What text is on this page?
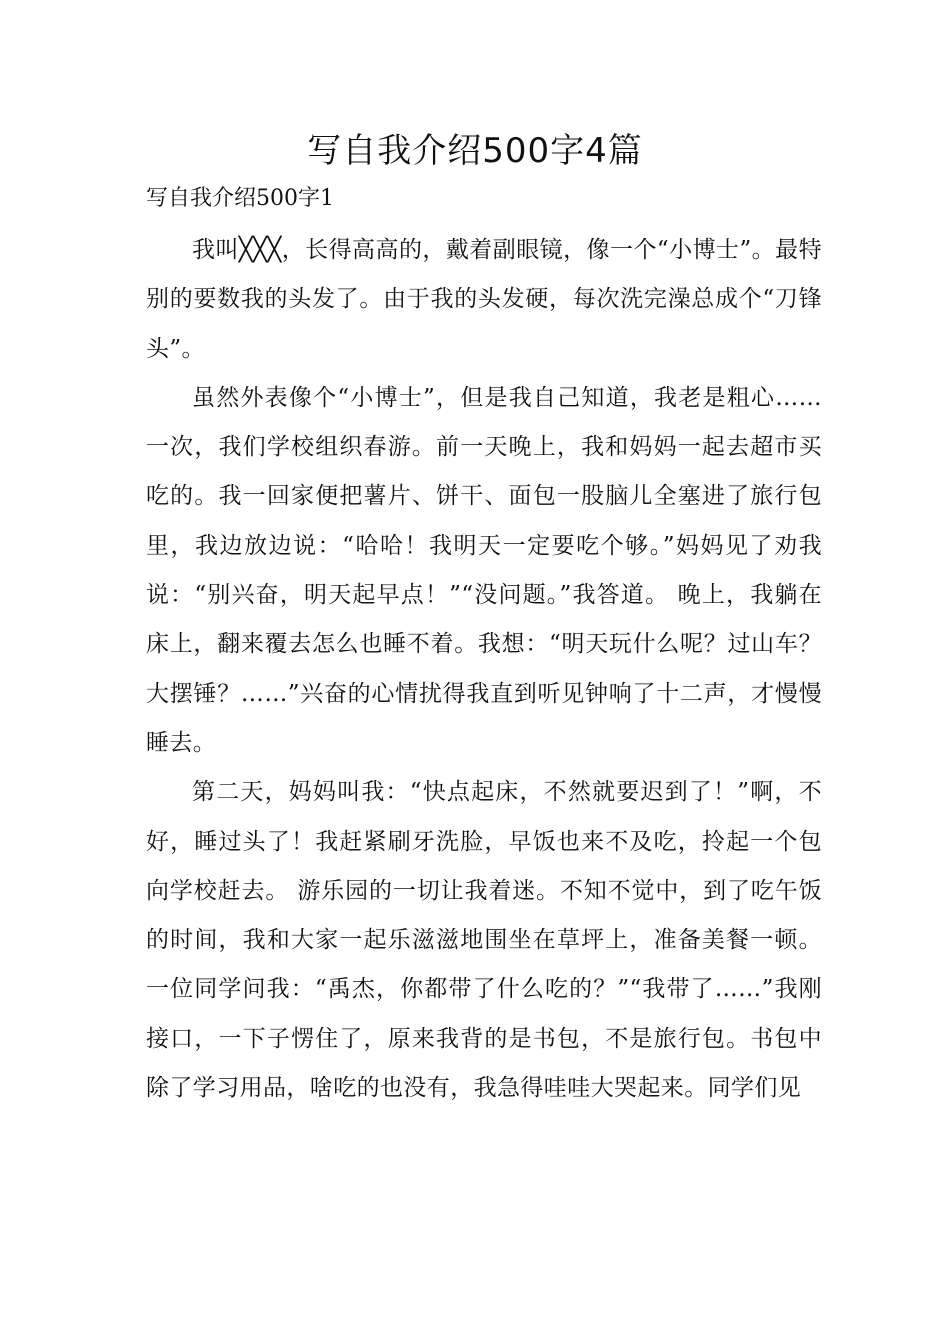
写自我介绍500字4篇
写自我介绍500字1

我叫╳╳╳，长得高高的，戴着副眼镜，像一个“小博士”。最特别的要数我的头发了。由于我的头发硬，每次洗完澡总成个“刀锋头”。

虽然外表像个“小博士”，但是我自己知道，我老是粗心…… 一次，我们学校组织春游。前一天晚上，我和妈妈一起去超市买吃的。我一回家便把薯片、饼干、面包一股脑儿全塞进了旅行包里，我边放边说：“哈哈！我明天一定要吃个够。”妈妈见了劝我说：“别兴奋，明天起早点！”“没问题。”我答道。 晚上，我躺在床上，翻来覆去怎么也睡不着。我想：“明天玩什么呢？过山车？大摆锤？……”兴奋的心情扰得我直到听见钟响了十二声，才慢慢睡去。

第二天，妈妈叫我：“快点起床，不然就要迟到了！”啊，不好，睡过头了！我赶紧刷牙洗脸，早饭也来不及吃，拎起一个包向学校赶去。 游乐园的一切让我着迷。不知不觉中，到了吃午饭的时间，我和大家一起乐滋滋地围坐在草坪上，准备美餐一顿。一位同学问我：“禹杰，你都带了什么吃的？”“我带了……”我刚接口，一下子愣住了，原来我背的是书包，不是旅行包。书包中除了学习用品，啥吃的也没有，我急得哇哇大哭起来。同学们见
